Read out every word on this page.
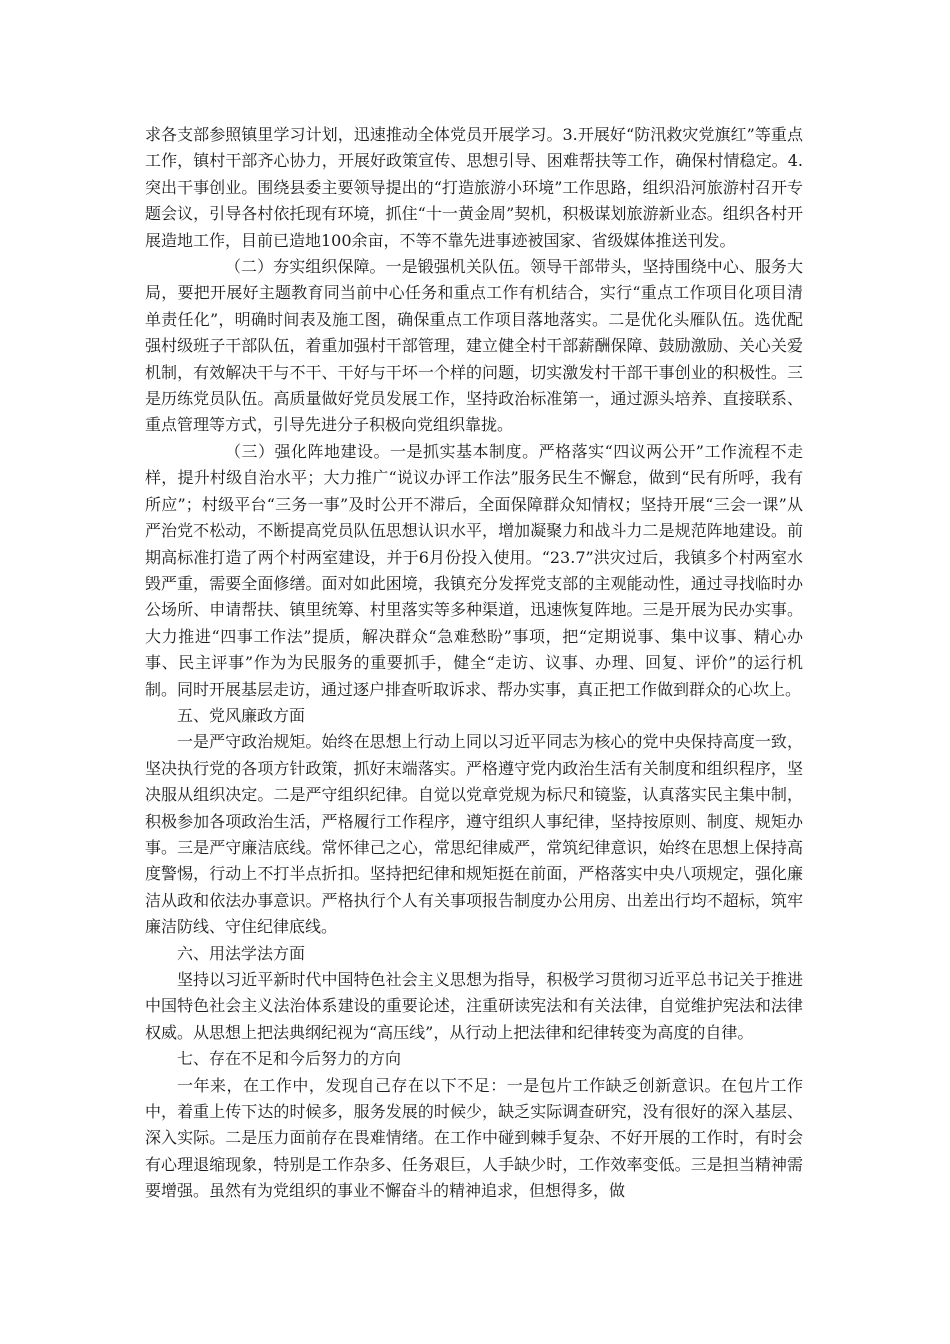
求各支部参照镇里学习计划，迅速推动全体党员开展学习。3.开展好“防汛救灾党旗红”等重点工作，镇村干部齐心协力，开展好政策宣传、思想引导、困难帮扶等工作，确保村情稳定。4.突出干事创业。围绕县委主要领导提出的“打造旅游小环境”工作思路，组织沿河旅游村召开专题会议，引导各村依托现有环境，抓住“十一黄金周”契机，积极谋划旅游新业态。组织各村开展造地工作，目前已造地100余亩，不等不靠先进事迹被国家、省级媒体推送刊发。

（二）夯实组织保障。一是锻强机关队伍。领导干部带头，坚持围绕中心、服务大局，要把开展好主题教育同当前中心任务和重点工作有机结合，实行“重点工作项目化项目清单责任化”，明确时间表及施工图，确保重点工作项目落地落实。二是优化头雁队伍。选优配强村级班子干部队伍，着重加强村干部管理，建立健全村干部薪酬保障、鼓励激励、关心关爱机制，有效解决干与不干、干好与干坏一个样的问题，切实激发村干部干事创业的积极性。三是历练党员队伍。高质量做好党员发展工作，坚持政治标准第一，通过源头培养、直接联系、重点管理等方式，引导先进分子积极向党组织靠拢。

（三）强化阵地建设。一是抓实基本制度。严格落实“四议两公开”工作流程不走样，提升村级自治水平；大力推广“说议办评工作法”服务民生不懈怠，做到“民有所呼，我有所应”；村级平台“三务一事”及时公开不滞后，全面保障群众知情权；坚持开展“三会一课”从严治党不松动，不断提高党员队伍思想认识水平，增加凝聚力和战斗力二是规范阵地建设。前期高标准打造了两个村两室建设，并于6月份投入使用。“23.7”洪灾过后，我镇多个村两室水毁严重，需要全面修缮。面对如此困境，我镇充分发挥党支部的主观能动性，通过寻找临时办公场所、申请帮扶、镇里统筹、村里落实等多种渠道，迅速恢复阵地。三是开展为民办实事。大力推进“四事工作法”提质，解决群众“急难愁盼”事项，把“定期说事、集中议事、精心办事、民主评事”作为为民服务的重要抓手，健全“走访、议事、办理、回复、评价”的运行机制。同时开展基层走访，通过逐户排查听取诉求、帮办实事，真正把工作做到群众的心坎上。

五、党风廉政方面

一是严守政治规矩。始终在思想上行动上同以习近平同志为核心的党中央保持高度一致，坚决执行党的各项方针政策，抓好末端落实。严格遵守党内政治生活有关制度和组织程序，坚决服从组织决定。二是严守组织纪律。自觉以党章党规为标尺和镜鉴，认真落实民主集中制，积极参加各项政治生活，严格履行工作程序，遵守组织人事纪律，坚持按原则、制度、规矩办事。三是严守廉洁底线。常怀律己之心，常思纪律威严，常筑纪律意识，始终在思想上保持高度警惕，行动上不打半点折扣。坚持把纪律和规矩挺在前面，严格落实中央八项规定，强化廉洁从政和依法办事意识。严格执行个人有关事项报告制度办公用房、出差出行均不超标，筑牢廉洁防线、守住纪律底线。

六、用法学法方面

坚持以习近平新时代中国特色社会主义思想为指导，积极学习贯彻习近平总书记关于推进中国特色社会主义法治体系建设的重要论述，注重研读宪法和有关法律，自觉维护宪法和法律权威。从思想上把法典纲纪视为“高压线”，从行动上把法律和纪律转变为高度的自律。

七、存在不足和今后努力的方向

一年来，在工作中，发现自己存在以下不足：一是包片工作缺乏创新意识。在包片工作中，着重上传下达的时候多，服务发展的时候少，缺乏实际调查研究，没有很好的深入基层、深入实际。二是压力面前存在畏难情绪。在工作中碰到棘手复杂、不好开展的工作时，有时会有心理退缩现象，特别是工作杂多、任务艰巨，人手缺少时，工作效率变低。三是担当精神需要增强。虽然有为党组织的事业不懈奋斗的精神追求，但想得多，做
